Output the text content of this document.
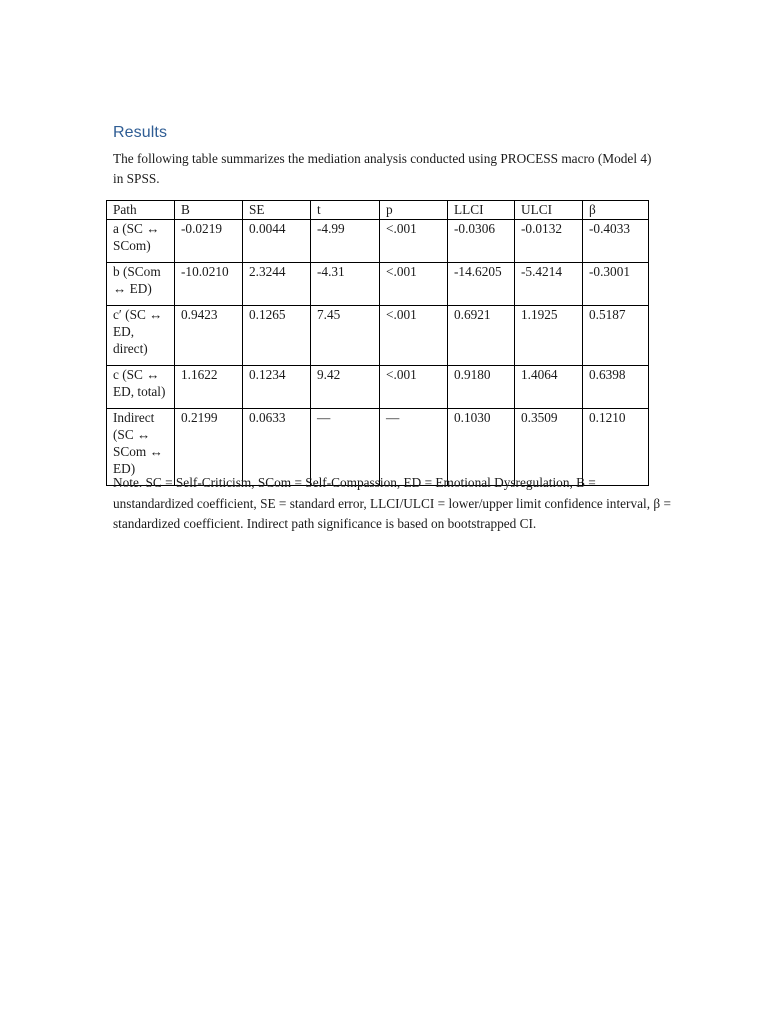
Results

The following table summarizes the mediation analysis conducted using PROCESS macro (Model 4) in SPSS.

Path	B	SE	t	p	LLCI	ULCI	β
a (SC ↔ SCom)	-0.0219	0.0044	-4.99	<.001	-0.0306	-0.0132	-0.4033
b (SCom ↔ ED)	-10.0210	2.3244	-4.31	<.001	-14.6205	-5.4214	-0.3001
c′ (SC ↔ ED, direct)	0.9423	0.1265	7.45	<.001	0.6921	1.1925	0.5187
c (SC ↔ ED, total)	1.1622	0.1234	9.42	<.001	0.9180	1.4064	0.6398
Indirect (SC ↔ SCom ↔ ED)	0.2199	0.0633	—	—	0.1030	0.3509	0.1210

Note. SC = Self-Criticism, SCom = Self-Compassion, ED = Emotional Dysregulation, B = unstandardized coefficient, SE = standard error, LLCI/ULCI = lower/upper limit confidence interval, β = standardized coefficient. Indirect path significance is based on bootstrapped CI.
